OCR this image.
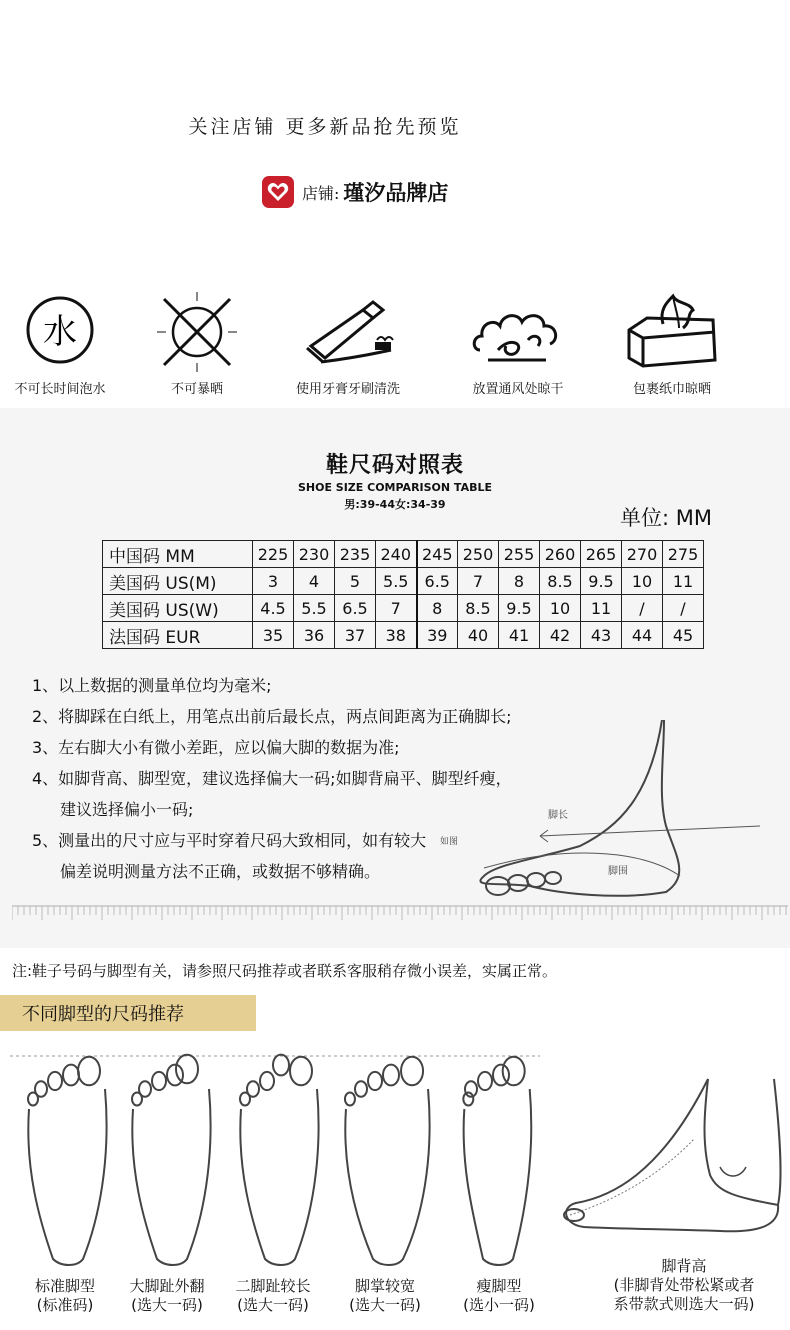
关注店铺 更多新品抢先预览
店铺: 瑾汐品牌店
水
不可长时间泡水	不可暴晒	使用牙膏牙刷清洗	放置通风处晾干	包裹纸巾晾晒
鞋尺码对照表
SHOE SIZE COMPARISON TABLE
男:39-44女:34-39
单位: MM
中国码 MM	225	230	235	240	245	250	255	260	265	270	275
美国码 US(M)	3	4	5	5.5	6.5	7	8	8.5	9.5	10	11
美国码 US(W)	4.5	5.5	6.5	7	8	8.5	9.5	10	11	/	/
法国码 EUR	35	36	37	38	39	40	41	42	43	44	45
1、以上数据的测量单位均为毫米;
2、将脚踩在白纸上，用笔点出前后最长点，两点间距离为正确脚长;
3、左右脚大小有微小差距，应以偏大脚的数据为准;
4、如脚背高、脚型宽，建议选择偏大一码;如脚背扁平、脚型纤瘦，
建议选择偏小一码;
5、测量出的尺寸应与平时穿着尺码大致相同，如有较大
偏差说明测量方法不正确，或数据不够精确。
脚长
脚围
如图
注:鞋子号码与脚型有关，请参照尺码推荐或者联系客服稍存微小误差，实属正常。
不同脚型的尺码推荐
标准脚型
(标准码)
大脚趾外翻
(选大一码)
二脚趾较长
(选大一码)
脚掌较宽
(选大一码)
瘦脚型
(选小一码)
脚背高
(非脚背处带松紧或者
系带款式则选大一码)
